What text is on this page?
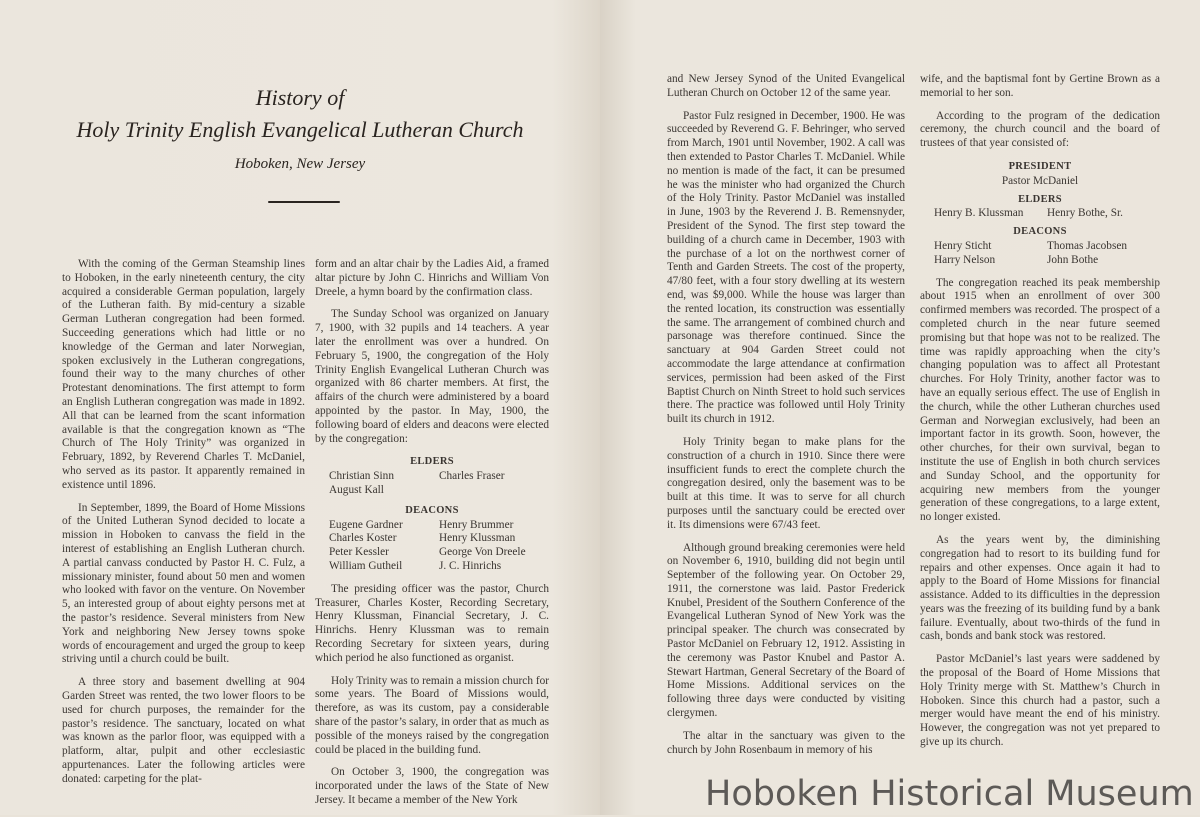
History of
Holy Trinity English Evangelical Lutheran Church
Hoboken, New Jersey

With the coming of the German Steamship lines to Hoboken, in the early nineteenth century, the city acquired a considerable German population, largely of the Lutheran faith. By mid-century a sizable German Lutheran congregation had been formed. Succeeding generations which had little or no knowledge of the German and later Norwegian, spoken exclusively in the Lutheran congregations, found their way to the many churches of other Protestant denominations. The first attempt to form an English Lutheran congregation was made in 1892. All that can be learned from the scant information available is that the congregation known as “The Church of The Holy Trinity” was organized in February, 1892, by Reverend Charles T. McDaniel, who served as its pastor. It apparently remained in existence until 1896.

In September, 1899, the Board of Home Missions of the United Lutheran Synod decided to locate a mission in Hoboken to canvass the field in the interest of establishing an English Lutheran church. A partial canvass conducted by Pastor H. C. Fulz, a missionary minister, found about 50 men and women who looked with favor on the venture. On November 5, an interested group of about eighty persons met at the pastor’s residence. Several ministers from New York and neighboring New Jersey towns spoke words of encouragement and urged the group to keep striving until a church could be built.

A three story and basement dwelling at 904 Garden Street was rented, the two lower floors to be used for church purposes, the remainder for the pastor’s residence. The sanctuary, located on what was known as the parlor floor, was equipped with a platform, altar, pulpit and other ecclesiastic appurtenances. Later the following articles were donated: carpeting for the plat-

form and an altar chair by the Ladies Aid, a framed altar picture by John C. Hinrichs and William Von Dreele, a hymn board by the confirmation class.

The Sunday School was organized on January 7, 1900, with 32 pupils and 14 teachers. A year later the enrollment was over a hundred. On February 5, 1900, the congregation of the Holy Trinity English Evangelical Lutheran Church was organized with 86 charter members. At first, the affairs of the church were administered by a board appointed by the pastor. In May, 1900, the following board of elders and deacons were elected by the congregation:

ELDERS
Christian Sinn	Charles Fraser
August Kall
DEACONS
Eugene Gardner	Henry Brummer
Charles Koster	Henry Klussman
Peter Kessler	George Von Dreele
William Gutheil	J. C. Hinrichs

The presiding officer was the pastor, Church Treasurer, Charles Koster, Recording Secretary, Henry Klussman, Financial Secretary, J. C. Hinrichs. Henry Klussman was to remain Recording Secretary for sixteen years, during which period he also functioned as organist.

Holy Trinity was to remain a mission church for some years. The Board of Missions would, therefore, as was its custom, pay a considerable share of the pastor’s salary, in order that as much as possible of the moneys raised by the congregation could be placed in the building fund.

On October 3, 1900, the congregation was incorporated under the laws of the State of New Jersey. It became a member of the New York

and New Jersey Synod of the United Evangelical Lutheran Church on October 12 of the same year.

Pastor Fulz resigned in December, 1900. He was succeeded by Reverend G. F. Behringer, who served from March, 1901 until November, 1902. A call was then extended to Pastor Charles T. McDaniel. While no mention is made of the fact, it can be presumed he was the minister who had organized the Church of the Holy Trinity. Pastor McDaniel was installed in June, 1903 by the Reverend J. B. Remensnyder, President of the Synod. The first step toward the building of a church came in December, 1903 with the purchase of a lot on the northwest corner of Tenth and Garden Streets. The cost of the property, 47/80 feet, with a four story dwelling at its western end, was $9,000. While the house was larger than the rented location, its construction was essentially the same. The arrangement of combined church and parsonage was therefore continued. Since the sanctuary at 904 Garden Street could not accommodate the large attendance at confirmation services, permission had been asked of the First Baptist Church on Ninth Street to hold such services there. The practice was followed until Holy Trinity built its church in 1912.

Holy Trinity began to make plans for the construction of a church in 1910. Since there were insufficient funds to erect the complete church the congregation desired, only the basement was to be built at this time. It was to serve for all church purposes until the sanctuary could be erected over it. Its dimensions were 67/43 feet.

Although ground breaking ceremonies were held on November 6, 1910, building did not begin until September of the following year. On October 29, 1911, the cornerstone was laid. Pastor Frederick Knubel, President of the Southern Conference of the Evangelical Lutheran Synod of New York was the principal speaker. The church was consecrated by Pastor McDaniel on February 12, 1912. Assisting in the ceremony was Pastor Knubel and Pastor A. Stewart Hartman, General Secretary of the Board of Home Missions. Additional services on the following three days were conducted by visiting clergymen.

The altar in the sanctuary was given to the church by John Rosenbaum in memory of his

wife, and the baptismal font by Gertine Brown as a memorial to her son.

According to the program of the dedication ceremony, the church council and the board of trustees of that year consisted of:

PRESIDENT
Pastor McDaniel
ELDERS
Henry B. Klussman	Henry Bothe, Sr.
DEACONS
Henry Sticht	Thomas Jacobsen
Harry Nelson	John Bothe

The congregation reached its peak membership about 1915 when an enrollment of over 300 confirmed members was recorded. The prospect of a completed church in the near future seemed promising but that hope was not to be realized. The time was rapidly approaching when the city’s changing population was to affect all Protestant churches. For Holy Trinity, another factor was to have an equally serious effect. The use of English in the church, while the other Lutheran churches used German and Norwegian exclusively, had been an important factor in its growth. Soon, however, the other churches, for their own survival, began to institute the use of English in both church services and Sunday School, and the opportunity for acquiring new members from the younger generation of these congregations, to a large extent, no longer existed.

As the years went by, the diminishing congregation had to resort to its building fund for repairs and other expenses. Once again it had to apply to the Board of Home Missions for financial assistance. Added to its difficulties in the depression years was the freezing of its building fund by a bank failure. Eventually, about two-thirds of the fund in cash, bonds and bank stock was restored.

Pastor McDaniel’s last years were saddened by the proposal of the Board of Home Missions that Holy Trinity merge with St. Matthew’s Church in Hoboken. Since this church had a pastor, such a merger would have meant the end of his ministry. However, the congregation was not yet prepared to give up its church.

Hoboken Historical Museum
